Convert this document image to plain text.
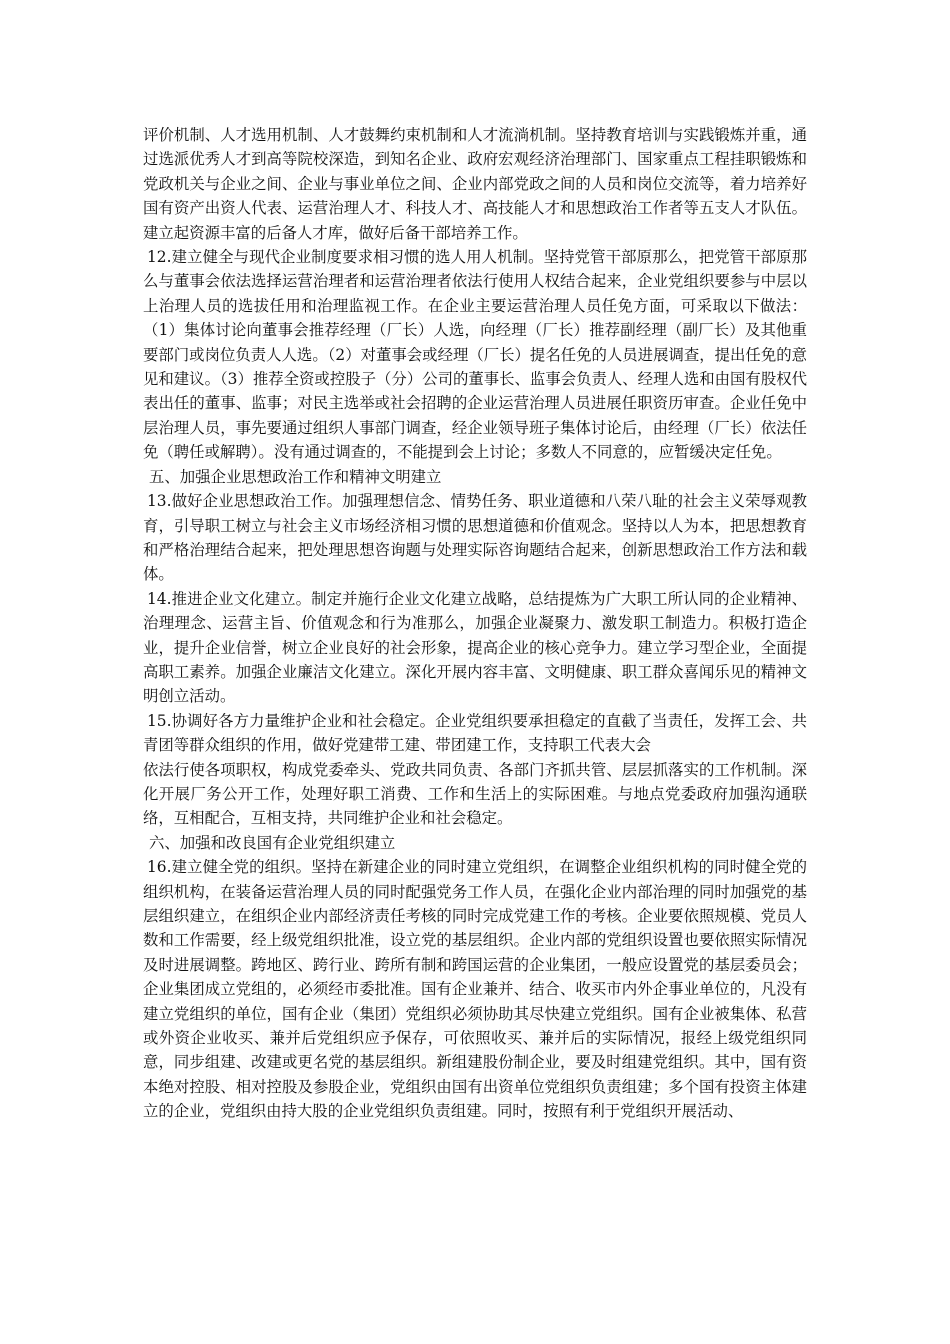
评价机制、人才选用机制、人才鼓舞约束机制和人才流淌机制。坚持教育培训与实践锻炼并重，通过选派优秀人才到高等院校深造，到知名企业、政府宏观经济治理部门、国家重点工程挂职锻炼和党政机关与企业之间、企业与事业单位之间、企业内部党政之间的人员和岗位交流等，着力培养好国有资产出资人代表、运营治理人才、科技人才、高技能人才和思想政治工作者等五支人才队伍。建立起资源丰富的后备人才库，做好后备干部培养工作。

12.建立健全与现代企业制度要求相习惯的选人用人机制。坚持党管干部原那么，把党管干部原那么与董事会依法选择运营治理者和运营治理者依法行使用人权结合起来，企业党组织要参与中层以上治理人员的选拔任用和治理监视工作。在企业主要运营治理人员任免方面，可采取以下做法：（1）集体讨论向董事会推荐经理（厂长）人选，向经理（厂长）推荐副经理（副厂长）及其他重要部门或岗位负责人人选。（2）对董事会或经理（厂长）提名任免的人员进展调查，提出任免的意见和建议。（3）推荐全资或控股子（分）公司的董事长、监事会负责人、经理人选和由国有股权代表出任的董事、监事；对民主选举或社会招聘的企业运营治理人员进展任职资历审查。企业任免中层治理人员，事先要通过组织人事部门调查，经企业领导班子集体讨论后，由经理（厂长）依法任免（聘任或解聘）。没有通过调查的，不能提到会上讨论；多数人不同意的，应暂缓决定任免。

五、加强企业思想政治工作和精神文明建立

13.做好企业思想政治工作。加强理想信念、情势任务、职业道德和八荣八耻的社会主义荣辱观教育，引导职工树立与社会主义市场经济相习惯的思想道德和价值观念。坚持以人为本，把思想教育和严格治理结合起来，把处理思想咨询题与处理实际咨询题结合起来，创新思想政治工作方法和载体。

14.推进企业文化建立。制定并施行企业文化建立战略，总结提炼为广大职工所认同的企业精神、治理理念、运营主旨、价值观念和行为准那么，加强企业凝聚力、激发职工制造力。积极打造企业，提升企业信誉，树立企业良好的社会形象，提高企业的核心竞争力。建立学习型企业，全面提高职工素养。加强企业廉洁文化建立。深化开展内容丰富、文明健康、职工群众喜闻乐见的精神文明创立活动。

15.协调好各方力量维护企业和社会稳定。企业党组织要承担稳定的直截了当责任，发挥工会、共青团等群众组织的作用，做好党建带工建、带团建工作，支持职工代表大会

依法行使各项职权，构成党委牵头、党政共同负责、各部门齐抓共管、层层抓落实的工作机制。深化开展厂务公开工作，处理好职工消费、工作和生活上的实际困难。与地点党委政府加强沟通联络，互相配合，互相支持，共同维护企业和社会稳定。

六、加强和改良国有企业党组织建立

16.建立健全党的组织。坚持在新建企业的同时建立党组织，在调整企业组织机构的同时健全党的组织机构，在装备运营治理人员的同时配强党务工作人员，在强化企业内部治理的同时加强党的基层组织建立，在组织企业内部经济责任考核的同时完成党建工作的考核。企业要依照规模、党员人数和工作需要，经上级党组织批准，设立党的基层组织。企业内部的党组织设置也要依照实际情况及时进展调整。跨地区、跨行业、跨所有制和跨国运营的企业集团，一般应设置党的基层委员会；企业集团成立党组的，必须经市委批准。国有企业兼并、结合、收买市内外企事业单位的，凡没有建立党组织的单位，国有企业（集团）党组织必须协助其尽快建立党组织。国有企业被集体、私营或外资企业收买、兼并后党组织应予保存，可依照收买、兼并后的实际情况，报经上级党组织同意，同步组建、改建或更名党的基层组织。新组建股份制企业，要及时组建党组织。其中，国有资本绝对控股、相对控股及参股企业，党组织由国有出资单位党组织负责组建；多个国有投资主体建立的企业，党组织由持大股的企业党组织负责组建。同时，按照有利于党组织开展活动、
